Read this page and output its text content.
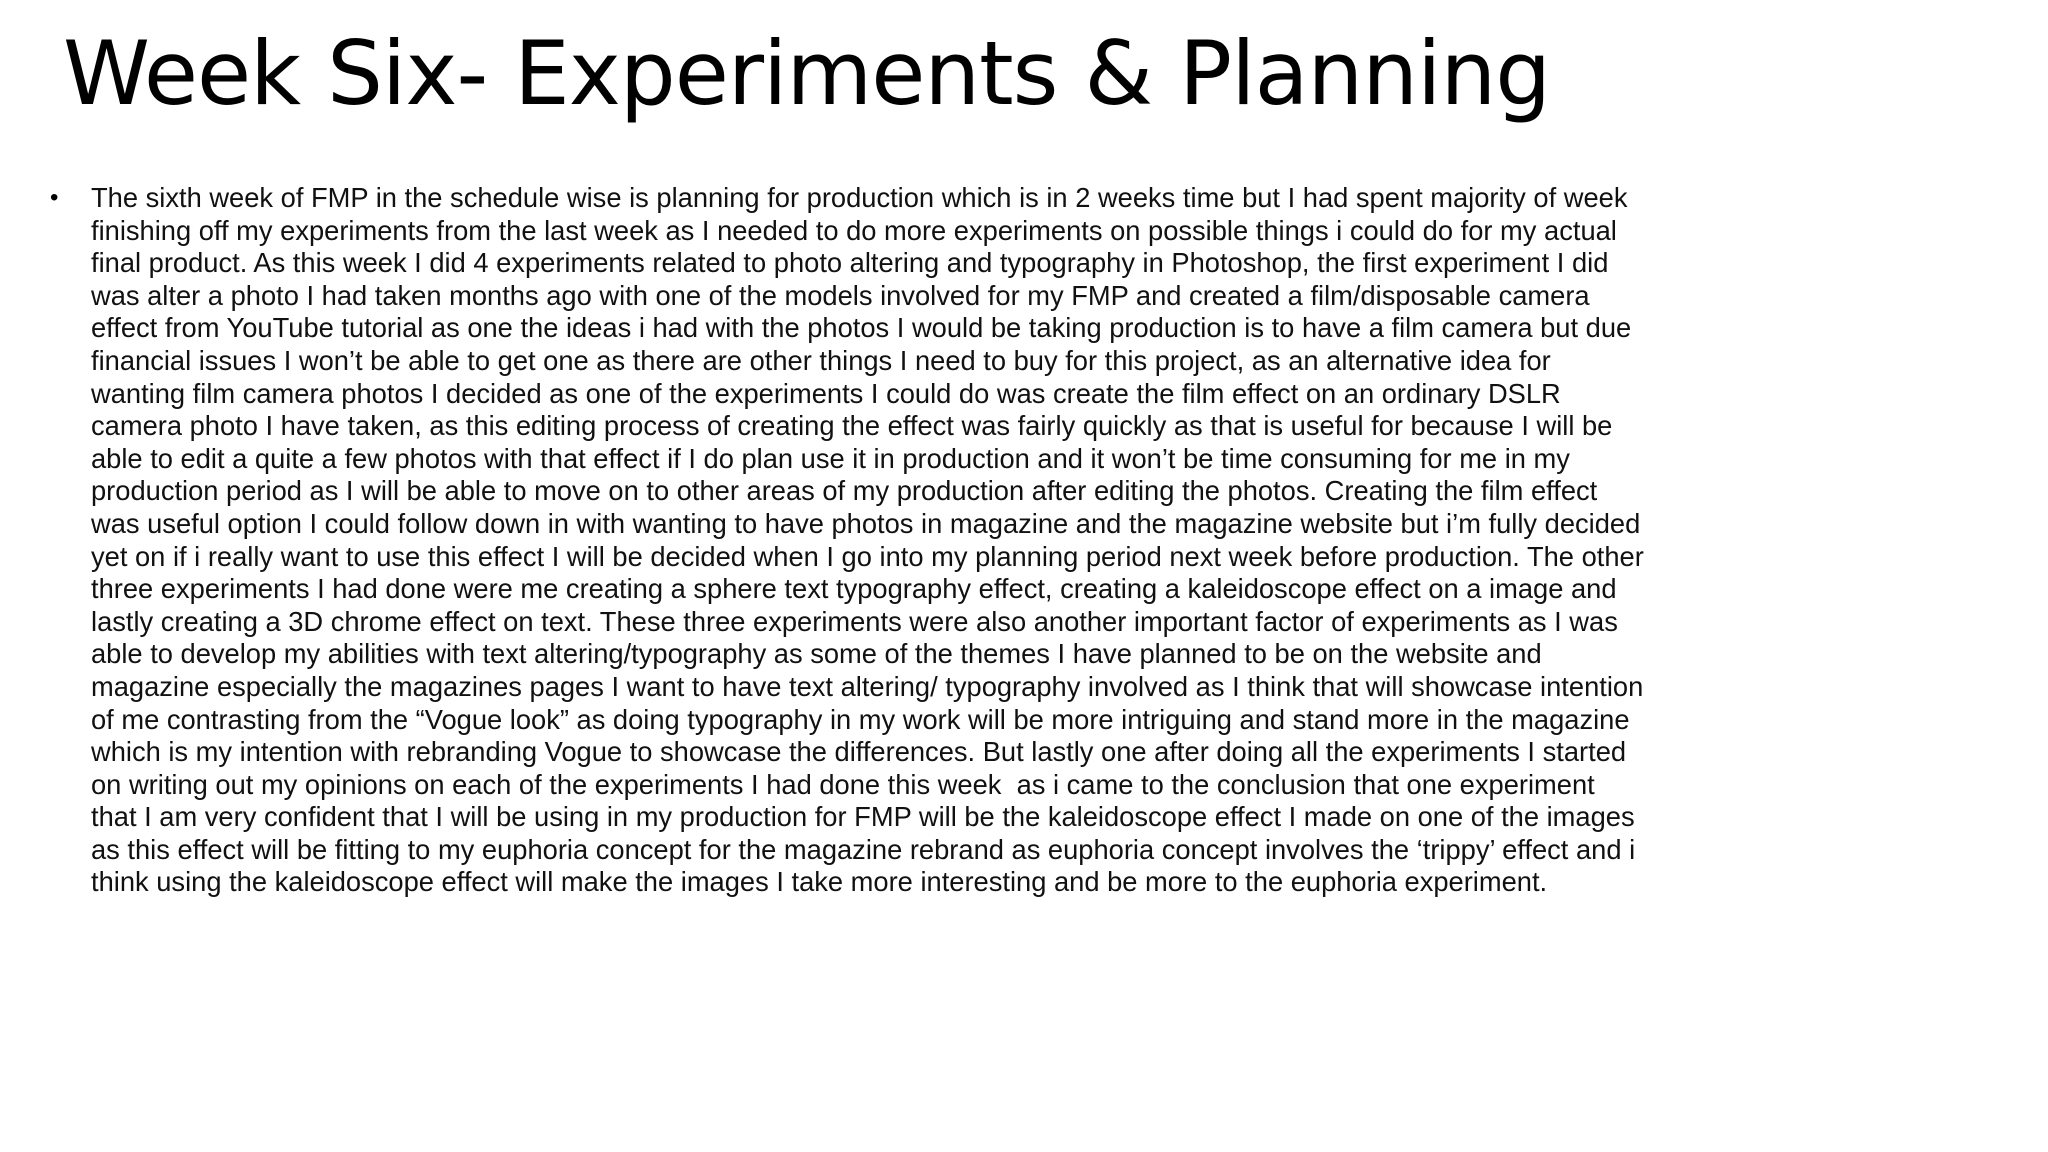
Week Six- Experiments & Planning
•	The sixth week of FMP in the schedule wise is planning for production which is in 2 weeks time but I had spent majority of week
finishing off my experiments from the last week as I needed to do more experiments on possible things i could do for my actual
final product. As this week I did 4 experiments related to photo altering and typography in Photoshop, the first experiment I did
was alter a photo I had taken months ago with one of the models involved for my FMP and created a film/disposable camera
effect from YouTube tutorial as one the ideas i had with the photos I would be taking production is to have a film camera but due
financial issues I won’t be able to get one as there are other things I need to buy for this project, as an alternative idea for
wanting film camera photos I decided as one of the experiments I could do was create the film effect on an ordinary DSLR
camera photo I have taken, as this editing process of creating the effect was fairly quickly as that is useful for because I will be
able to edit a quite a few photos with that effect if I do plan use it in production and it won’t be time consuming for me in my
production period as I will be able to move on to other areas of my production after editing the photos. Creating the film effect
was useful option I could follow down in with wanting to have photos in magazine and the magazine website but i’m fully decided
yet on if i really want to use this effect I will be decided when I go into my planning period next week before production. The other
three experiments I had done were me creating a sphere text typography effect, creating a kaleidoscope effect on a image and
lastly creating a 3D chrome effect on text. These three experiments were also another important factor of experiments as I was
able to develop my abilities with text altering/typography as some of the themes I have planned to be on the website and
magazine especially the magazines pages I want to have text altering/ typography involved as I think that will showcase intention
of me contrasting from the “Vogue look” as doing typography in my work will be more intriguing and stand more in the magazine
which is my intention with rebranding Vogue to showcase the differences. But lastly one after doing all the experiments I started
on writing out my opinions on each of the experiments I had done this week  as i came to the conclusion that one experiment
that I am very confident that I will be using in my production for FMP will be the kaleidoscope effect I made on one of the images
as this effect will be fitting to my euphoria concept for the magazine rebrand as euphoria concept involves the ‘trippy’ effect and i
think using the kaleidoscope effect will make the images I take more interesting and be more to the euphoria experiment.
